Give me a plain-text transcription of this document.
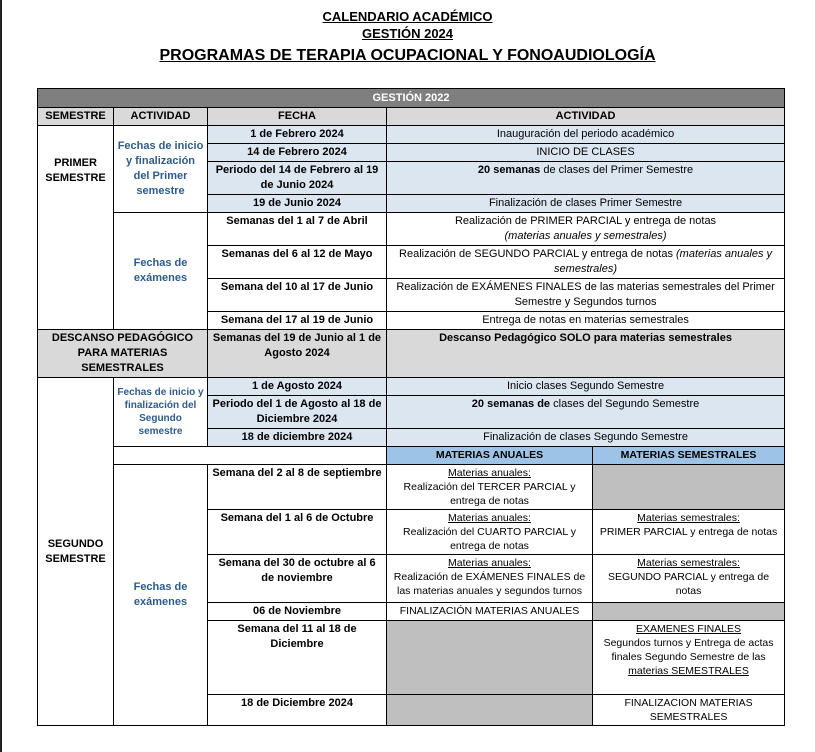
CALENDARIO ACADÉMICO
GESTIÓN 2024
PROGRAMAS DE TERAPIA OCUPACIONAL Y FONOAUDIOLOGÍA
GESTIÓN 2022				
SEMESTRE	ACTIVIDAD	FECHA	ACTIVIDAD	
PRIMER SEMESTRE	Fechas de inicio y finalización del Primer semestre	1 de Febrero 2024	Inauguración del periodo académico	
		14 de Febrero 2024	INICIO DE CLASES	
		Periodo del 14 de Febrero al 19 de Junio 2024	20 semanas de clases del Primer Semestre	
		19 de Junio 2024	Finalización de clases Primer Semestre	
	Fechas de exámenes	Semanas del 1 al 7 de Abril	Realización de PRIMER PARCIAL y entrega de notas
(materias anuales y semestrales)	
		Semanas del 6 al 12 de Mayo	Realización de SEGUNDO PARCIAL y entrega de notas (materias anuales y semestrales)	
		Semana del 10 al 17 de Junio	Realización de EXÁMENES FINALES de las materias semestrales del Primer Semestre y Segundos turnos	
		Semana del 17 al 19 de Junio	Entrega de notas en materias semestrales	
DESCANSO PEDAGÓGICO PARA MATERIAS SEMESTRALES		Semanas del 19 de Junio al 1 de Agosto 2024	Descanso Pedagógico SOLO para materias semestrales	
SEGUNDO SEMESTRE	Fechas de inicio y finalización del Segundo semestre	1 de Agosto 2024	Inicio clases Segundo Semestre	
		Periodo del 1 de Agosto al 18 de Diciembre 2024	20 semanas de clases del Segundo Semestre	
		18 de diciembre 2024	Finalización de clases Segundo Semestre	
			MATERIAS ANUALES	MATERIAS SEMESTRALES
	Fechas de exámenes	Semana del 2 al 8 de septiembre	Materias anuales:
Realización del TERCER PARCIAL y entrega de notas	
		Semana del 1 al 6 de Octubre	Materias anuales:
Realización del CUARTO PARCIAL y entrega de notas	Materias semestrales:
PRIMER PARCIAL y entrega de notas
		Semana del 30 de octubre al 6 de noviembre	Materias anuales:
Realización de EXÁMENES FINALES de las materias anuales y segundos turnos	Materias semestrales:
SEGUNDO PARCIAL y entrega de notas
		06 de Noviembre	FINALIZACIÓN MATERIAS ANUALES	
		Semana del 11 al 18 de Diciembre		EXAMENES FINALES
Segundos turnos y Entrega de actas finales Segundo Semestre de las
materias SEMESTRALES
		18 de Diciembre 2024		FINALIZACION MATERIAS SEMESTRALES
